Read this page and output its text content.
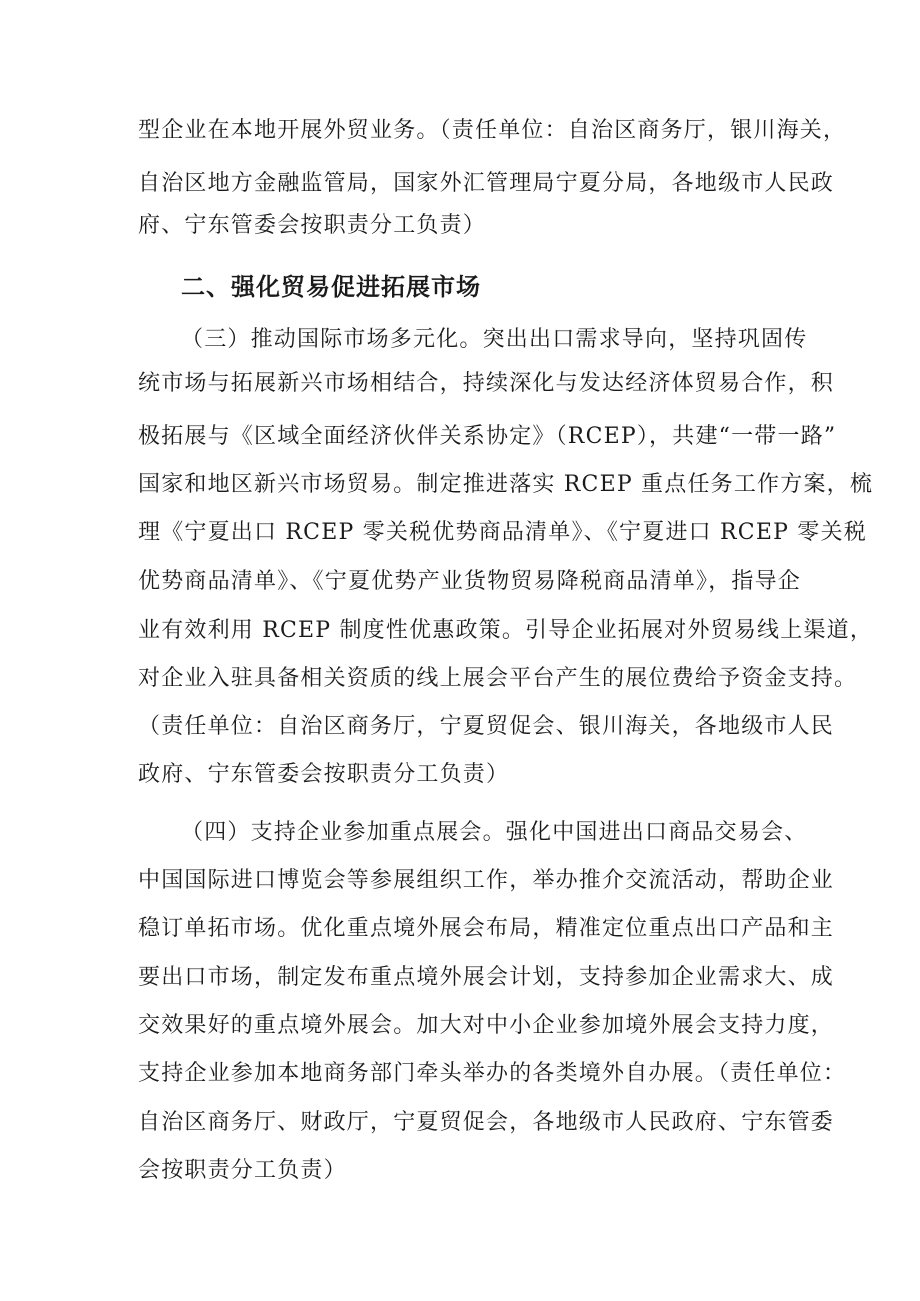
型企业在本地开展外贸业务。（责任单位：自治区商务厅，银川海关，
自治区地方金融监管局，国家外汇管理局宁夏分局，各地级市人民政
府、宁东管委会按职责分工负责）
二、强化贸易促进拓展市场
（三）推动国际市场多元化。突出出口需求导向，坚持巩固传
统市场与拓展新兴市场相结合，持续深化与发达经济体贸易合作，积
极拓展与《区域全面经济伙伴关系协定》（RCEP），共建“一带一路”
国家和地区新兴市场贸易。制定推进落实 RCEP 重点任务工作方案，梳
理《宁夏出口 RCEP 零关税优势商品清单》、《宁夏进口 RCEP 零关税
优势商品清单》、《宁夏优势产业货物贸易降税商品清单》，指导企
业有效利用 RCEP 制度性优惠政策。引导企业拓展对外贸易线上渠道，
对企业入驻具备相关资质的线上展会平台产生的展位费给予资金支持。
（责任单位：自治区商务厅，宁夏贸促会、银川海关，各地级市人民
政府、宁东管委会按职责分工负责）
（四）支持企业参加重点展会。强化中国进出口商品交易会、
中国国际进口博览会等参展组织工作，举办推介交流活动，帮助企业
稳订单拓市场。优化重点境外展会布局，精准定位重点出口产品和主
要出口市场，制定发布重点境外展会计划，支持参加企业需求大、成
交效果好的重点境外展会。加大对中小企业参加境外展会支持力度，
支持企业参加本地商务部门牵头举办的各类境外自办展。（责任单位：
自治区商务厅、财政厅，宁夏贸促会，各地级市人民政府、宁东管委
会按职责分工负责）
